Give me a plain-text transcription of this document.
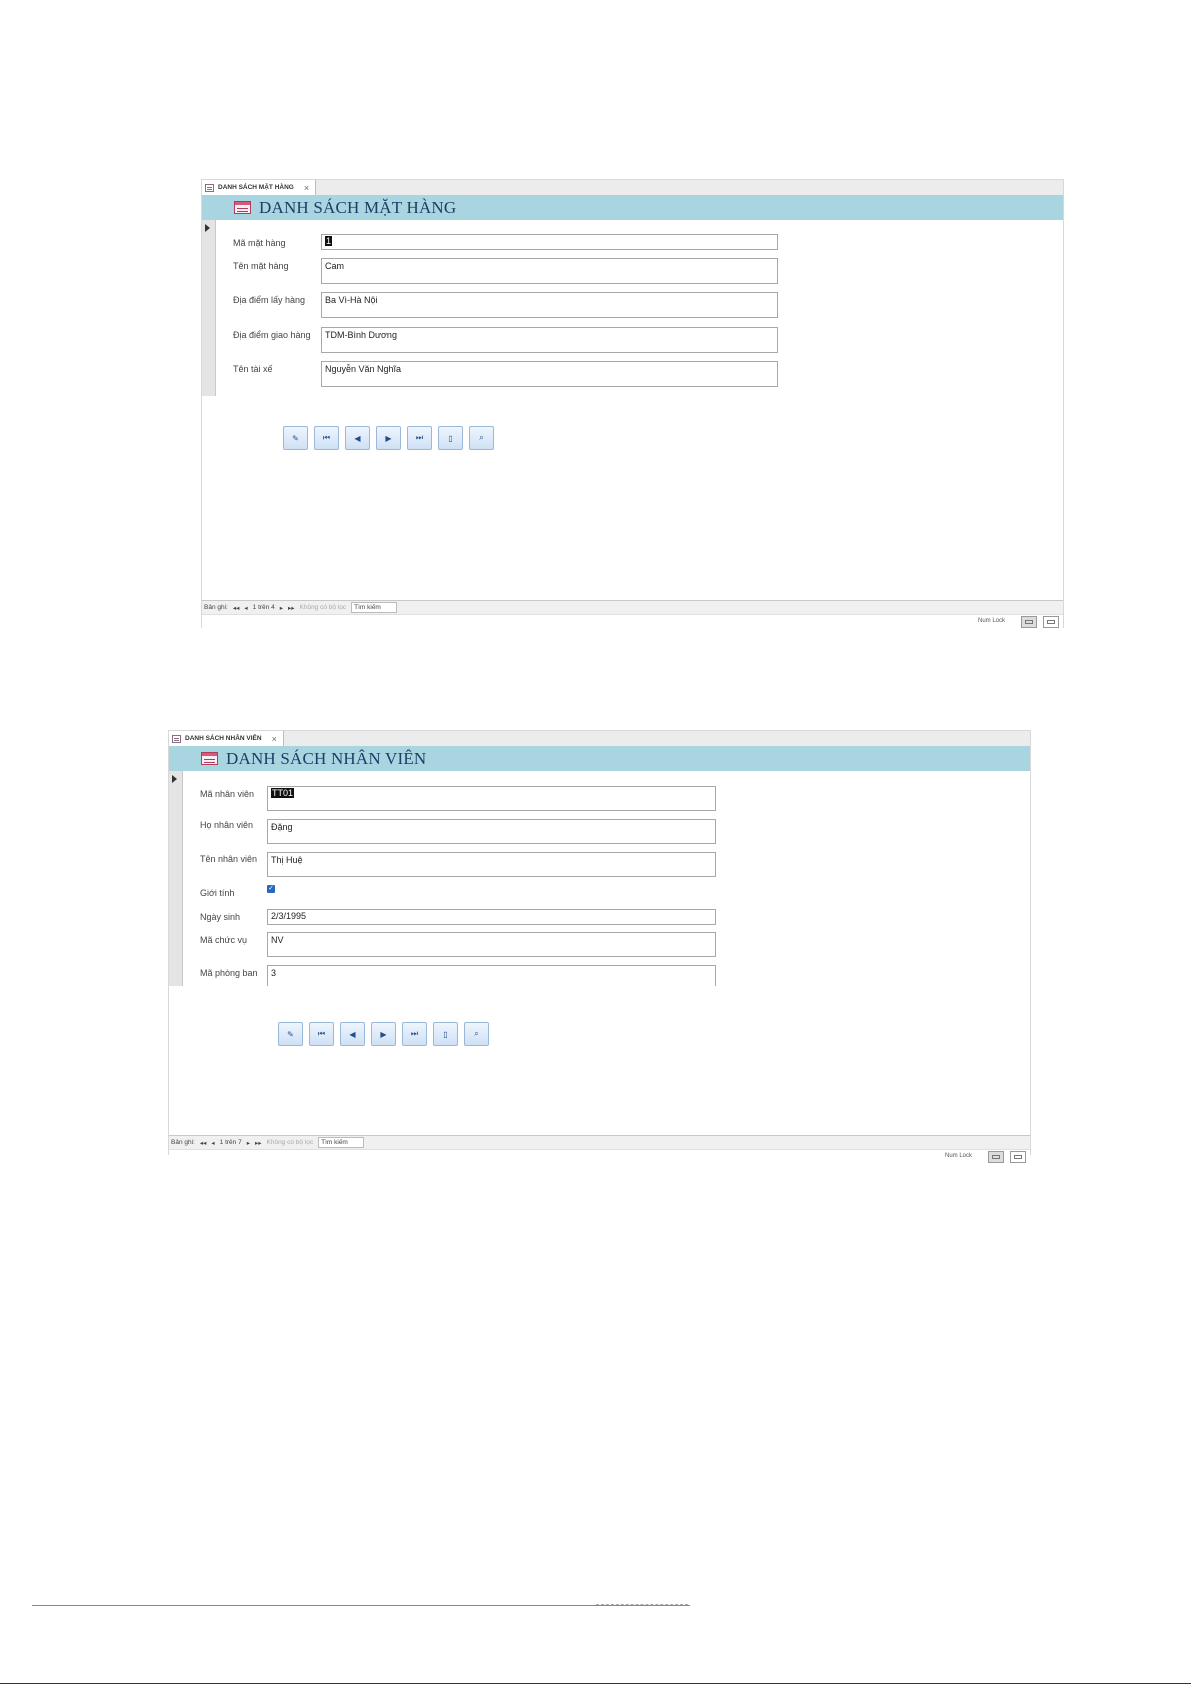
DANH SÁCH MẶT HÀNG ×
DANH SÁCH MẶT HÀNG
Mã mặt hàng	1
Tên mặt hàng	Cam
Địa điểm lấy hàng	Ba Vì-Hà Nội
Địa điểm giao hàng	TDM-Bình Dương
Tên tài xế	Nguyễn Văn Nghĩa
✎	⏮	◀	▶	⏭	▯	⌕
Bản ghi: ◂◂ ◂ 1 trên 4 ▸ ▸▸ Không có bộ lọc	Tìm kiếm
Num Lock
DANH SÁCH NHÂN VIÊN ×
DANH SÁCH NHÂN VIÊN
Mã nhân viên	TT01
Họ nhân viên	Đặng
Tên nhân viên	Thị Huệ
Giới tính	✓
Ngày sinh	2/3/1995
Mã chức vụ	NV
Mã phòng ban	3
✎	⏮	◀	▶	⏭	▯	⌕
Bản ghi: ◂◂ ◂ 1 trên 7 ▸ ▸▸ Không có bộ lọc	Tìm kiếm
Num Lock
